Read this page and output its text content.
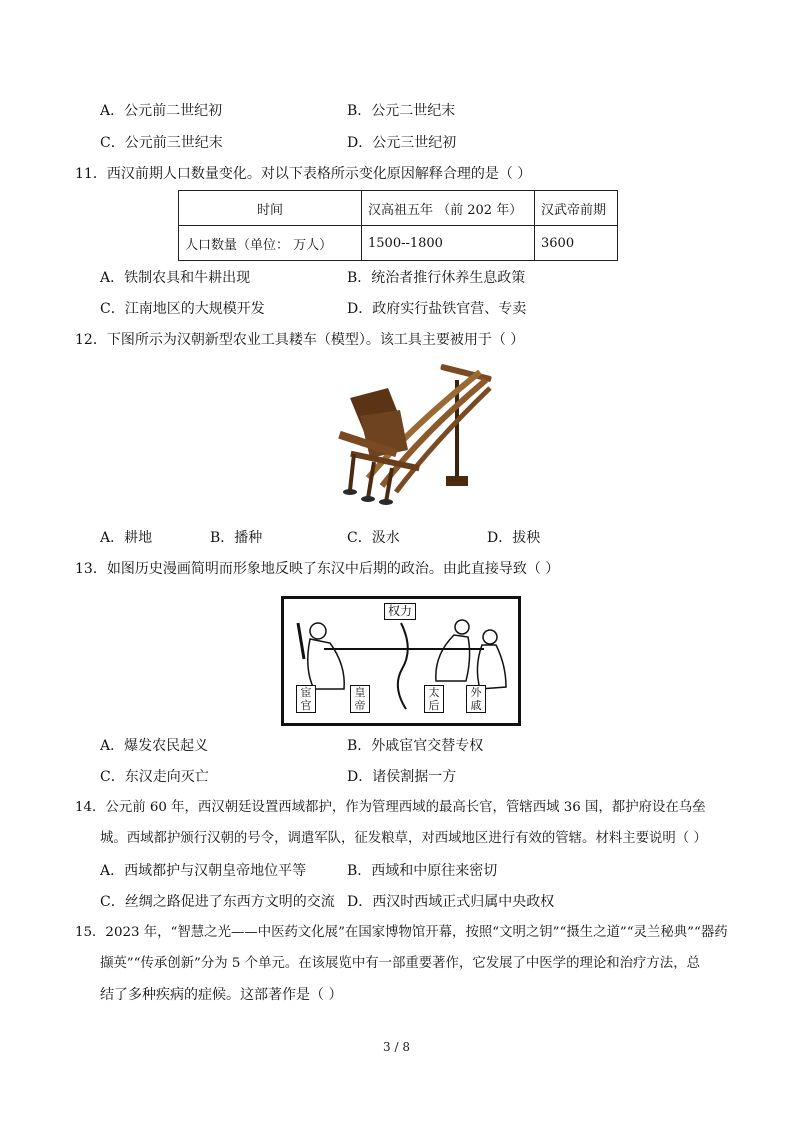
A．公元前二世纪初	B．公元二世纪末
C．公元前三世纪末	D．公元三世纪初
11．西汉前期人口数量变化。对以下表格所示变化原因解释合理的是（ ）
时间	汉高祖五年 （前 202 年）	汉武帝前期
人口数量（单位： 万人）	1500--1800	3600
A．铁制农具和牛耕出现	B．统治者推行休养生息政策
C．江南地区的大规模开发	D．政府实行盐铁官营、专卖
12．下图所示为汉朝新型农业工具耧车（模型）。该工具主要被用于（ ）
A．耕地	B．播种	C．汲水	D．拔秧
13．如图历史漫画简明而形象地反映了东汉中后期的政治。由此直接导致（ ）
权力
宦官
皇帝
太后
外戚
A．爆发农民起义	B．外戚宦官交替专权
C．东汉走向灭亡	D．诸侯割据一方
14．公元前 60 年，西汉朝廷设置西域都护，作为管理西域的最高长官，管辖西域 36 国，都护府设在乌垒
城。西域都护颁行汉朝的号令，调遣军队，征发粮草，对西域地区进行有效的管辖。材料主要说明（ ）
A．西域都护与汉朝皇帝地位平等	B．西域和中原往来密切
C．丝绸之路促进了东西方文明的交流 D．西汉时西域正式归属中央政权
15．2023 年，“智慧之光——中医药文化展”在国家博物馆开幕，按照“文明之钥”“摄生之道”“灵兰秘典”“器药
撷英”“传承创新”分为 5 个单元。在该展览中有一部重要著作，它发展了中医学的理论和治疗方法，总
结了多种疾病的症候。这部著作是（ ）
3 / 8
